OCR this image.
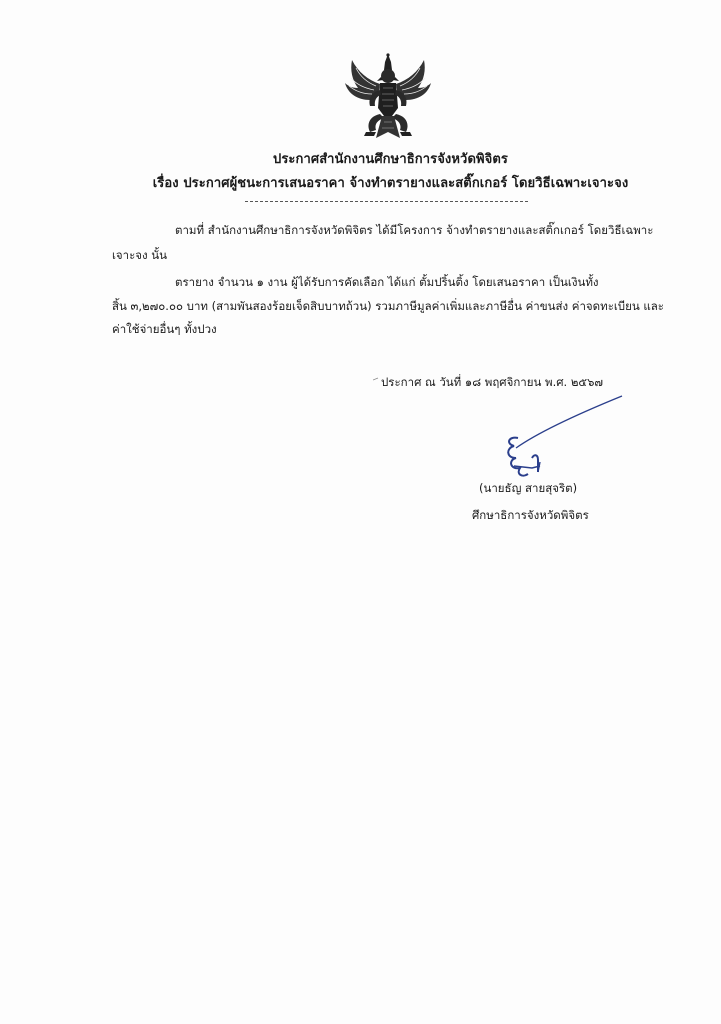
ประกาศสำนักงานศึกษาธิการจังหวัดพิจิตร
เรื่อง ประกาศผู้ชนะการเสนอราคา จ้างทำตรายางและสติ๊กเกอร์ โดยวิธีเฉพาะเจาะจง
ตามที่ สำนักงานศึกษาธิการจังหวัดพิจิตร ได้มีโครงการ จ้างทำตรายางและสติ๊กเกอร์ โดยวิธีเฉพาะ
เจาะจง นั้น
ตรายาง จำนวน ๑ งาน ผู้ได้รับการคัดเลือก ได้แก่ ตั้มปริ้นติ้ง โดยเสนอราคา เป็นเงินทั้ง
สิ้น ๓,๒๗๐.๐๐ บาท (สามพันสองร้อยเจ็ดสิบบาทถ้วน) รวมภาษีมูลค่าเพิ่มและภาษีอื่น ค่าขนส่ง ค่าจดทะเบียน และ
ค่าใช้จ่ายอื่นๆ ทั้งปวง
ประกาศ ณ วันที่ ๑๘ พฤศจิกายน พ.ศ. ๒๕๖๗
(นายธัญ สายสุจริต)
ศึกษาธิการจังหวัดพิจิตร
